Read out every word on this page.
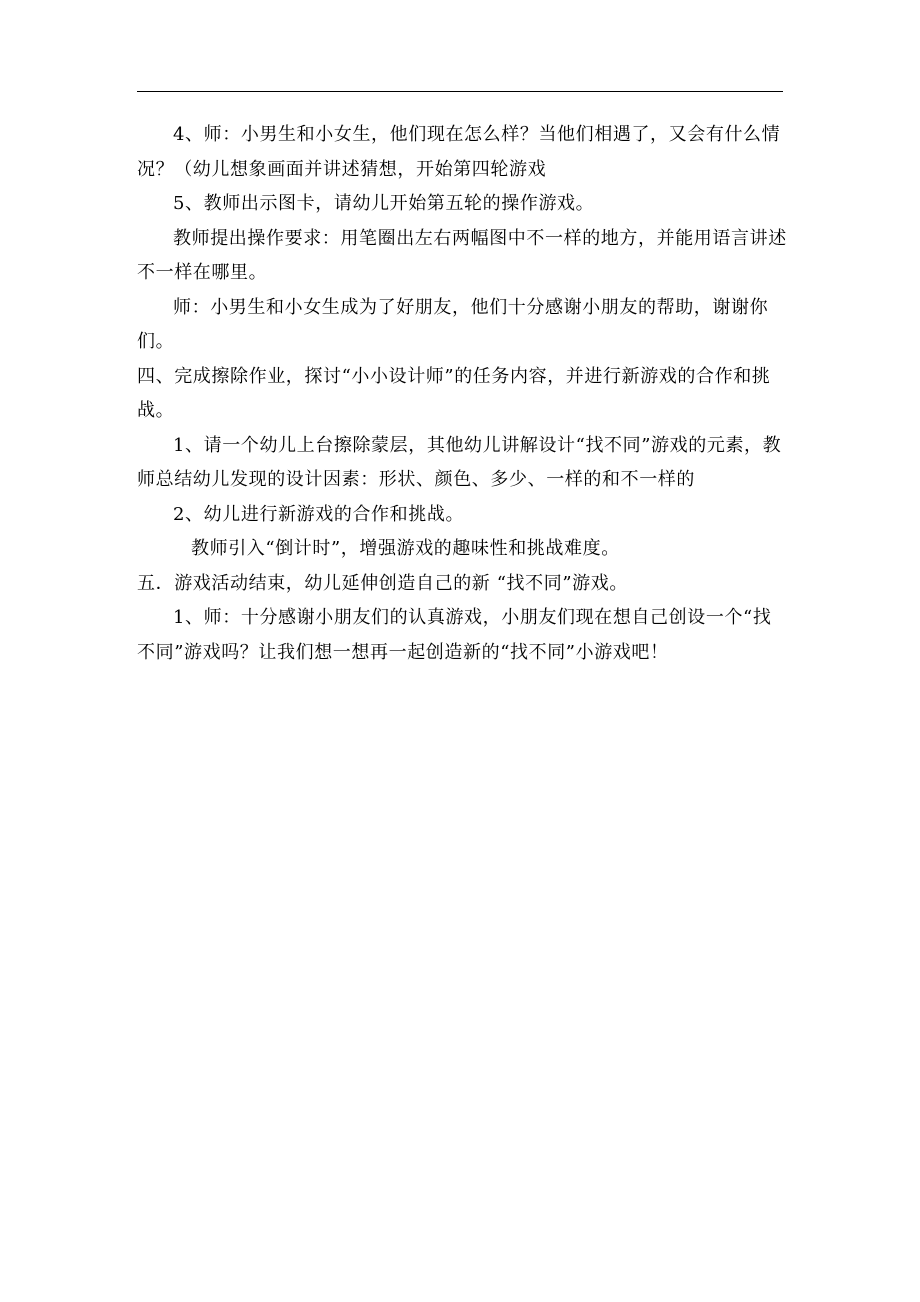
4、师：小男生和小女生，他们现在怎么样？当他们相遇了，又会有什么情况？（幼儿想象画面并讲述猜想，开始第四轮游戏

5、教师出示图卡，请幼儿开始第五轮的操作游戏。

教师提出操作要求：用笔圈出左右两幅图中不一样的地方，并能用语言讲述不一样在哪里。

师：小男生和小女生成为了好朋友，他们十分感谢小朋友的帮助，谢谢你们。

四、完成擦除作业，探讨“小小设计师”的任务内容，并进行新游戏的合作和挑战。

1、请一个幼儿上台擦除蒙层，其他幼儿讲解设计“找不同”游戏的元素，教师总结幼儿发现的设计因素：形状、颜色、多少、一样的和不一样的

2、幼儿进行新游戏的合作和挑战。

教师引入“倒计时”，增强游戏的趣味性和挑战难度。

五．游戏活动结束，幼儿延伸创造自己的新 “找不同”游戏。

1、师：十分感谢小朋友们的认真游戏，小朋友们现在想自己创设一个“找不同”游戏吗？让我们想一想再一起创造新的“找不同”小游戏吧！
